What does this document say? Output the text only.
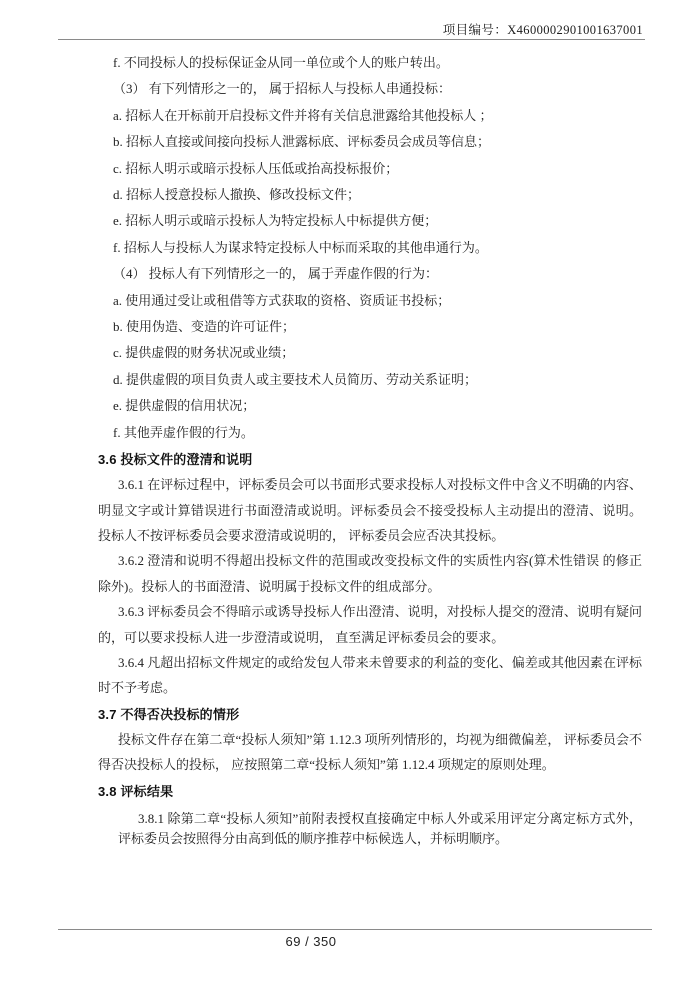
项目编号：X4600002901001637001

f. 不同投标人的投标保证金从同一单位或个人的账户转出。

（3） 有下列情形之一的， 属于招标人与投标人串通投标：

a. 招标人在开标前开启投标文件并将有关信息泄露给其他投标人 ；

b. 招标人直接或间接向投标人泄露标底、评标委员会成员等信息；

c. 招标人明示或暗示投标人压低或抬高投标报价；

d. 招标人授意投标人撤换、修改投标文件；

e. 招标人明示或暗示投标人为特定投标人中标提供方便；

f. 招标人与投标人为谋求特定投标人中标而采取的其他串通行为。

（4） 投标人有下列情形之一的， 属于弄虚作假的行为：

a. 使用通过受让或租借等方式获取的资格、资质证书投标；

b. 使用伪造、变造的许可证件；

c. 提供虚假的财务状况或业绩；

d. 提供虚假的项目负责人或主要技术人员简历、劳动关系证明；

e. 提供虚假的信用状况；

f. 其他弄虚作假的行为。

3.6 投标文件的澄清和说明

3.6.1 在评标过程中，评标委员会可以书面形式要求投标人对投标文件中含义不明确的内容、明显文字或计算错误进行书面澄清或说明。评标委员会不接受投标人主动提出的澄清、说明。投标人不按评标委员会要求澄清或说明的， 评标委员会应否决其投标。

3.6.2 澄清和说明不得超出投标文件的范围或改变投标文件的实质性内容(算术性错误 的修正除外)。投标人的书面澄清、说明属于投标文件的组成部分。

3.6.3 评标委员会不得暗示或诱导投标人作出澄清、说明，对投标人提交的澄清、说明有疑问的，可以要求投标人进一步澄清或说明， 直至满足评标委员会的要求。

3.6.4 凡超出招标文件规定的或给发包人带来未曾要求的利益的变化、偏差或其他因素在评标时不予考虑。

3.7 不得否决投标的情形

投标文件存在第二章“投标人须知”第 1.12.3 项所列情形的，均视为细微偏差， 评标委员会不得否决投标人的投标， 应按照第二章“投标人须知”第 1.12.4 项规定的原则处理。

3.8 评标结果

3.8.1 除第二章“投标人须知”前附表授权直接确定中标人外或采用评定分离定标方式外，评标委员会按照得分由高到低的顺序推荐中标候选人，并标明顺序。

69 / 350
